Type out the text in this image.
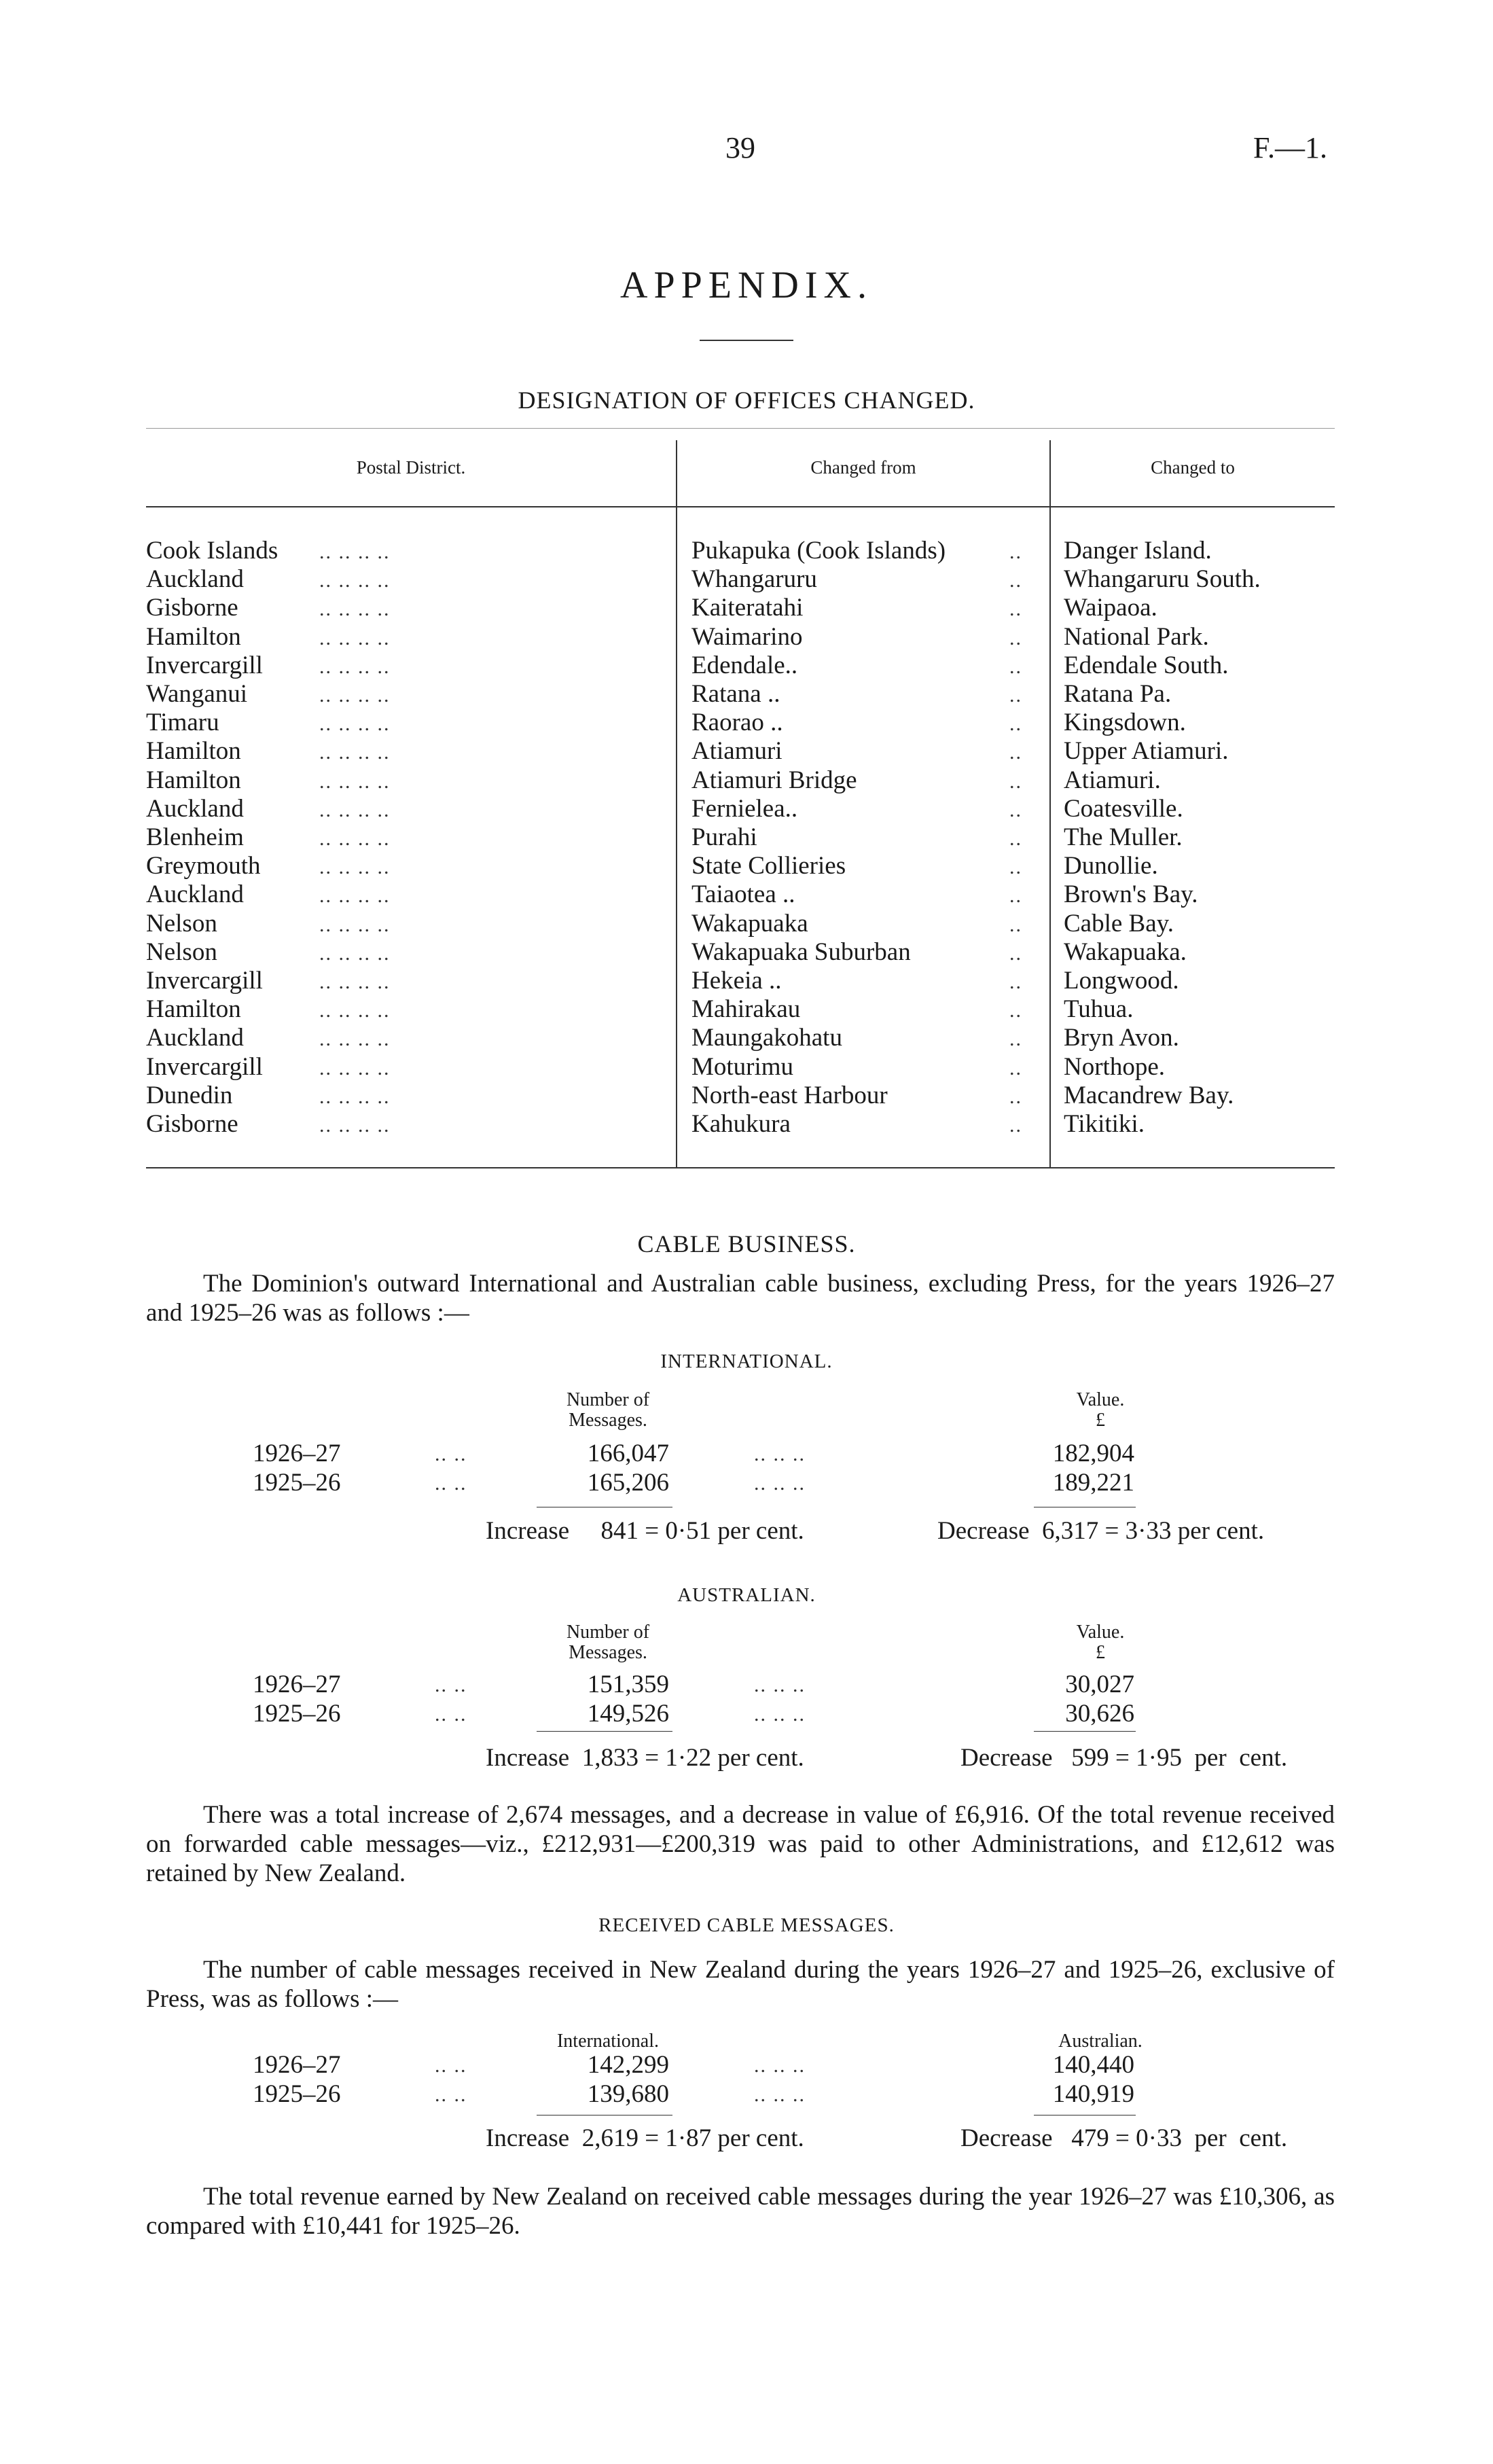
39	F.—1.
APPENDIX.
DESIGNATION OF OFFICES CHANGED.
Postal District.	Changed from	Changed to
Cook Islands .. .. .. ..	Pukapuka (Cook Islands)	.. Danger Island.
Auckland	.. .. .. ..	Whangaruru	.. Whangaruru South.
Gisborne	.. .. .. ..	Kaiteratahi	.. Waipaoa.
Hamilton	.. .. .. ..	Waimarino	.. National Park.
Invercargill	.. .. .. ..	Edendale..	.. Edendale South.
Wanganui	.. .. .. ..	Ratana ..	.. Ratana Pa.
Timaru	.. .. .. ..	Raorao ..	.. Kingsdown.
Hamilton	.. .. .. ..	Atiamuri	.. Upper Atiamuri.
Hamilton	.. .. .. ..	Atiamuri Bridge	.. Atiamuri.
Auckland	.. .. .. ..	Fernielea..	.. Coatesville.
Blenheim	.. .. .. ..	Purahi	.. The Muller.
Greymouth	.. .. .. ..	State Collieries	.. Dunollie.
Auckland	.. .. .. ..	Taiaotea ..	.. Brown's Bay.
Nelson	.. .. .. ..	Wakapuaka	.. Cable Bay.
Nelson	.. .. .. ..	Wakapuaka Suburban	.. Wakapuaka.
Invercargill	.. .. .. ..	Hekeia ..	.. Longwood.
Hamilton	.. .. .. ..	Mahirakau	.. Tuhua.
Auckland	.. .. .. ..	Maungakohatu	.. Bryn Avon.
Invercargill	.. .. .. ..	Moturimu	.. Northope.
Dunedin	.. .. .. ..	North-east Harbour	.. Macandrew Bay.
Gisborne	.. .. .. ..	Kahukura	.. Tikitiki.
CABLE BUSINESS.
The Dominion's outward International and Australian cable business, excluding Press, for the years 1926–27 and 1925–26 was as follows :—
INTERNATIONAL.
Number of
Messages.
Value.
£
1926–27	.. ..	166,047	.. .. ..	182,904
1925–26	.. ..	165,206	.. .. ..	189,221
Increase     841 = 0·51 per cent.	Decrease  6,317 = 3·33 per cent.
AUSTRALIAN.
Number of
Messages.
Value.
£
1926–27	.. ..	151,359	.. .. ..	30,027
1925–26	.. ..	149,526	.. .. ..	30,626
Increase  1,833 = 1·22 per cent.	Decrease   599 = 1·95  per  cent.
There was a total increase of 2,674 messages, and a decrease in value of £6,916. Of the total revenue received on forwarded cable messages—viz., £212,931—£200,319 was paid to other Administrations, and £12,612 was retained by New Zealand.
RECEIVED CABLE MESSAGES.
The number of cable messages received in New Zealand during the years 1926–27 and 1925–26, exclusive of Press, was as follows :—
International.	Australian.
1926–27	.. ..	142,299	.. .. ..	140,440
1925–26	.. ..	139,680	.. .. ..	140,919
Increase  2,619 = 1·87 per cent.	Decrease   479 = 0·33  per  cent.
The total revenue earned by New Zealand on received cable messages during the year 1926–27 was £10,306, as compared with £10,441 for 1925–26.
